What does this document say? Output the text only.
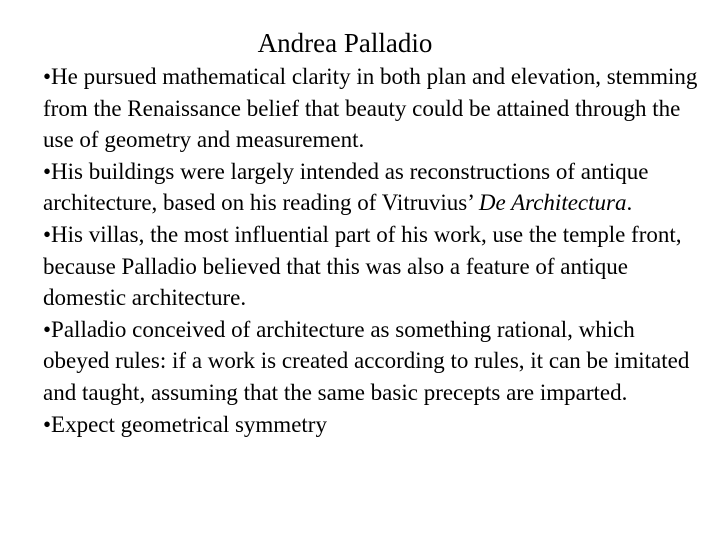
Andrea Palladio
•He pursued mathematical clarity in both plan and elevation, stemming from the Renaissance belief that beauty could be attained through the use of geometry and measurement.
•His buildings were largely intended as reconstructions of antique architecture, based on his reading of Vitruvius’ De Architectura.
•His villas, the most influential part of his work, use the temple front, because Palladio believed that this was also a feature of antique domestic architecture.
•Palladio conceived of architecture as something rational, which obeyed rules: if a work is created according to rules, it can be imitated and taught, assuming that the same basic precepts are imparted.
•Expect geometrical symmetry
